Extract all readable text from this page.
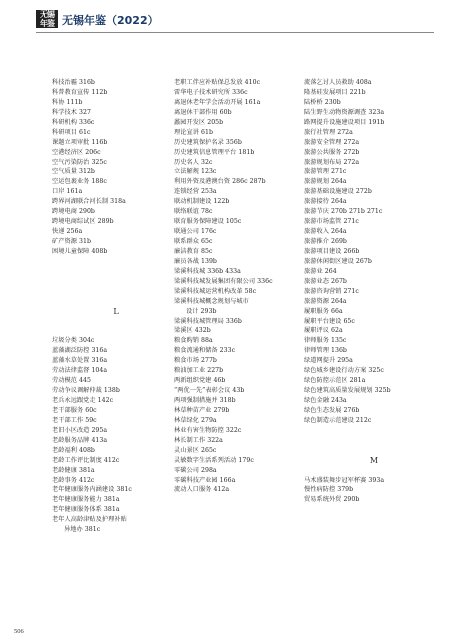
无锡
年鉴 无锡年鉴（2022）
科技治霾 316b
科普教育宣传 112b
科协 111b
科学技术 327
科研机构 336c
科研项目 61c
课题立项审批 116b
空港经济区 206c
空气污染防治 325c
空气质量 312b
空运包裹业务 188c
口岸 161a
跨界河湖联合河长制 318a
跨境电商 290b
跨境电商综试区 289b
快递 256a
矿产资源 31b
困境儿童保障 408b
L
垃圾分类 304c
蓝藻湖泛防控 316a
蓝藻水草处置 316a
劳动法律监督 104a
劳动模范 445
劳动争议调解仲裁 138b
老兵永远跟党走 142c
老干部服务 60c
老干部工作 59c
老旧小区改造 295a
老龄服务品牌 413a
老龄福利 408b
老龄工作评比制度 412c
老龄健康 381a
老龄事务 412c
老年健康服务内涵建设 381c
老年健康服务能力 381a
老年健康服务体系 381a
老年人高龄津贴及护理补贴
异地办 381c
老职工伴应补贴保总发放 410c
雷华电子技术研究所 336c
离退休老年学会活动开展 161a
离退休干部作用 60b
蠡园开发区 205b
理论宣讲 61b
历史建筑保护名录 356b
历史建筑信息管理平台 181b
历史名人 32c
立法解规 123c
利用外资及港澳台资 286c 287b
连锁经营 253a
联动机制建设 122b
联络联谊 78c
联育服务保障建设 105c
联通公司 176c
联系群众 65c
廉洁教育 85c
廉员各战 139b
梁溪科技城 336b 433a
梁溪科技城发展集团有限公司 336c
梁溪科技城运营机构改革 58c
梁溪科技城概念规划与城市
设计 293b
梁溪科技城管理局 336b
梁溪区 432b
粮食购销 88a
粮食流通和储备 233c
粮食市场 277b
粮油加工业 227b
两新组织党建 46b
“两优一先”表彰会议 43b
两项强制措施并 318b
林草种苗产业 279b
林草绿化 279a
林业有害生物防控 322c
林长制工作 322a
灵山景区 265c
灵敏数字生活系列活动 179c
零碳公司 298a
零碳科技产业园 166a
流动人口服务 412a
流落乞讨人员救助 408a
隆基硅发展项目 221b
陆桥桥 230b
陆生野生动物资源调查 323a
路网提升设施建设项目 191b
旅行社管理 272a
旅游安全管理 272a
旅游公共服务 272b
旅游规划布局 272a
旅游管理 271c
旅游规划 264a
旅游基础设施建设 272b
旅游接待 264a
旅游节庆 270b 271b 271c
旅游市场监管 271c
旅游收入 264a
旅游推介 269b
旅游项目建设 266b
旅游休闲街区建设 267b
旅游业 264
旅游业态 267b
旅游咨询营销 271c
旅游资源 264a
履职服务 66a
履职平台建设 65c
履职评议 62a
律师服务 135c
律师管理 136b
绿道网提升 295a
绿色城乡建设行动方案 325c
绿色防控示范区 281a
绿色建筑高质量发展规划 325b
绿色金融 243a
绿色生态发展 276b
绿色制造示范建设 212c
M
马术盛装舞步冠军杯赛 393a
慢性病防控 379b
贸易系统外贸 290b
506
